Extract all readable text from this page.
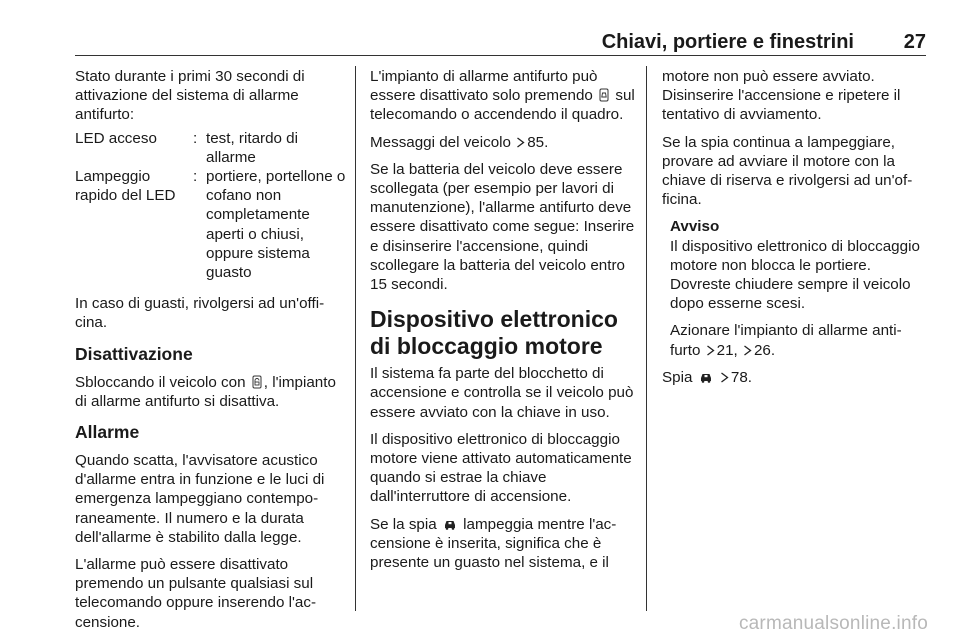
Chiavi, portiere e finestrini 27

Stato durante i primi 30 secondi di attivazione del sistema di allarme antifurto:

LED acceso	: test, ritardo di allarme
Lampeggio rapido del LED
: portiere, portellone o cofano non completamente aperti o chiusi, oppure sistema guasto

In caso di guasti, rivolgersi ad un'officina.

Disattivazione

Sbloccando il veicolo con , l'impianto di allarme antifurto si disattiva.

Allarme

Quando scatta, l'avvisatore acustico d'allarme entra in funzione e le luci di emergenza lampeggiano contemporaneamente. Il numero e la durata dell'allarme è stabilito dalla legge.

L'allarme può essere disattivato premendo un pulsante qualsiasi sul telecomando oppure inserendo l'accensione.

L'impianto di allarme antifurto può essere disattivato solo premendo sul telecomando o accendendo il quadro.

Messaggi del veicolo 85.

Se la batteria del veicolo deve essere scollegata (per esempio per lavori di manutenzione), l'allarme antifurto deve essere disattivato come segue: Inserire e disinserire l'accensione, quindi scollegare la batteria del veicolo entro 15 secondi.

Dispositivo elettronico di bloccaggio motore

Il sistema fa parte del blocchetto di accensione e controlla se il veicolo può essere avviato con la chiave in uso.

Il dispositivo elettronico di bloccaggio motore viene attivato automaticamente quando si estrae la chiave dall'interruttore di accensione.

Se la spia lampeggia mentre l'accensione è inserita, significa che è presente un guasto nel sistema, e il

motore non può essere avviato. Disinserire l'accensione e ripetere il tentativo di avviamento.

Se la spia continua a lampeggiare, provare ad avviare il motore con la chiave di riserva e rivolgersi ad un'officina.

Avviso

Il dispositivo elettronico di bloccaggio motore non blocca le portiere. Dovreste chiudere sempre il veicolo dopo esserne scesi.

Azionare l'impianto di allarme antifurto 21, 26.

Spia	78.

carmanualsonline.info
